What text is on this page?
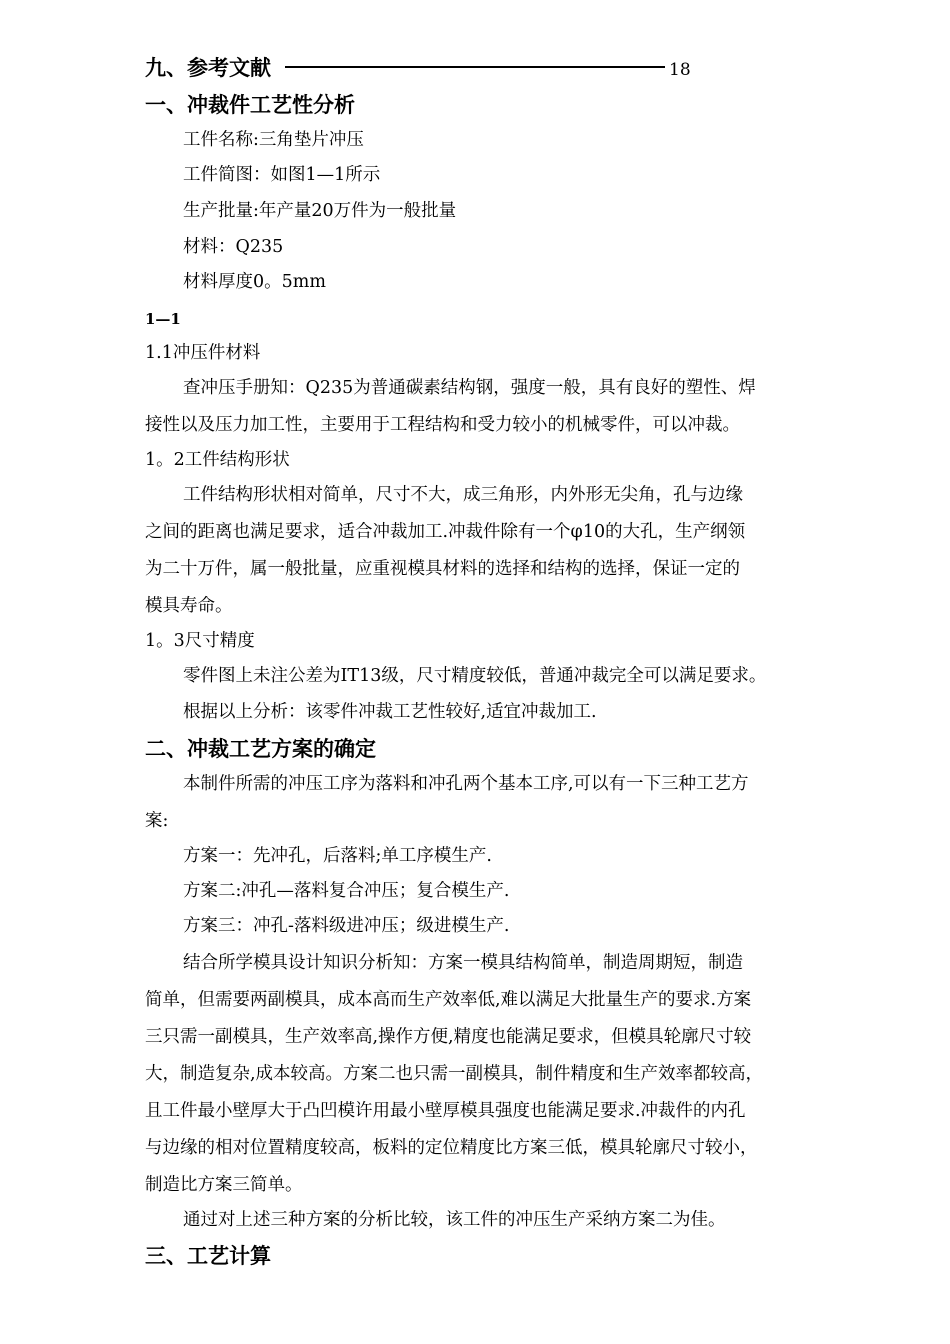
九、参考文献	18
一、冲裁件工艺性分析
工件名称:三角垫片冲压
工件简图：如图1—1所示
生产批量:年产量20万件为一般批量
材料：Q235
材料厚度0。5mm
1—1
1.1冲压件材料
查冲压手册知：Q235为普通碳素结构钢，强度一般，具有良好的塑性、焊
接性以及压力加工性，主要用于工程结构和受力较小的机械零件，可以冲裁。
1。2工件结构形状
工件结构形状相对简单，尺寸不大，成三角形，内外形无尖角，孔与边缘
之间的距离也满足要求，适合冲裁加工.冲裁件除有一个φ10的大孔，生产纲领
为二十万件，属一般批量，应重视模具材料的选择和结构的选择，保证一定的
模具寿命。
1。3尺寸精度
零件图上未注公差为IT13级，尺寸精度较低，普通冲裁完全可以满足要求。
根据以上分析：该零件冲裁工艺性较好,适宜冲裁加工.
二、冲裁工艺方案的确定
本制件所需的冲压工序为落料和冲孔两个基本工序,可以有一下三种工艺方
案:
方案一：先冲孔，后落料;单工序模生产.
方案二:冲孔—落料复合冲压；复合模生产.
方案三：冲孔-落料级进冲压；级进模生产.
结合所学模具设计知识分析知：方案一模具结构简单，制造周期短，制造
简单，但需要两副模具，成本高而生产效率低,难以满足大批量生产的要求.方案
三只需一副模具，生产效率高,操作方便,精度也能满足要求，但模具轮廓尺寸较
大，制造复杂,成本较高。方案二也只需一副模具，制件精度和生产效率都较高，
且工件最小壁厚大于凸凹模许用最小壁厚模具强度也能满足要求.冲裁件的内孔
与边缘的相对位置精度较高，板料的定位精度比方案三低，模具轮廓尺寸较小，
制造比方案三简单。
通过对上述三种方案的分析比较，该工件的冲压生产采纳方案二为佳。
三、工艺计算
